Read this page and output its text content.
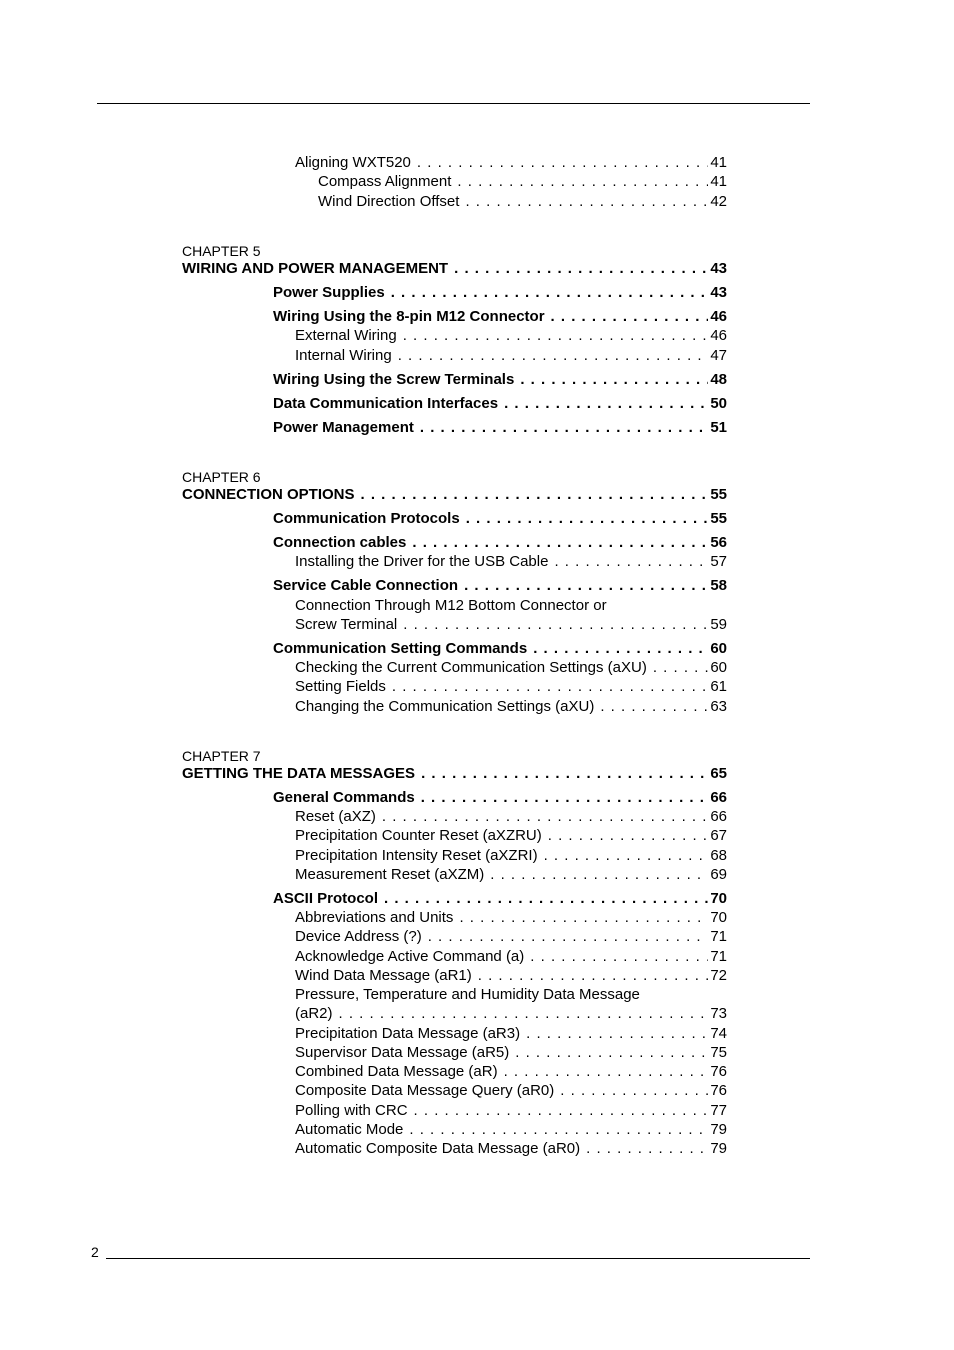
Aligning WXT520 . . .	41
Compass Alignment . . .	41
Wind Direction Offset . . .	42
CHAPTER 5
WIRING AND POWER MANAGEMENT . . .	43
Power Supplies . . .	43
Wiring Using the 8-pin M12 Connector . . .	46
External Wiring . . .	46
Internal Wiring . . .	47
Wiring Using the Screw Terminals . . .	48
Data Communication Interfaces . . .	50
Power Management . . .	51
CHAPTER 6
CONNECTION OPTIONS . . .	55
Communication Protocols . . .	55
Connection cables . . .	56
Installing the Driver for the USB Cable . . .	57
Service Cable Connection . . .	58
Connection Through M12 Bottom Connector or
Screw Terminal . . .	59
Communication Setting Commands . . .	60
Checking the Current Communication Settings (aXU) . . .	60
Setting Fields . . .	61
Changing the Communication Settings (aXU) . . .	63
CHAPTER 7
GETTING THE DATA MESSAGES . . .	65
General Commands . . .	66
Reset (aXZ) . . .	66
Precipitation Counter Reset (aXZRU) . . .	67
Precipitation Intensity Reset (aXZRI) . . .	68
Measurement Reset (aXZM) . . .	69
ASCII Protocol . . .	70
Abbreviations and Units . . .	70
Device Address (?) . . .	71
Acknowledge Active Command (a) . . .	71
Wind Data Message (aR1) . . .	72
Pressure, Temperature and Humidity Data Message
(aR2) . . .	73
Precipitation Data Message (aR3) . . .	74
Supervisor Data Message (aR5) . . .	75
Combined Data Message (aR) . . .	76
Composite Data Message Query (aR0) . . .	76
Polling with CRC . . .	77
Automatic Mode . . .	79
Automatic Composite Data Message (aR0) . . .	79
2
